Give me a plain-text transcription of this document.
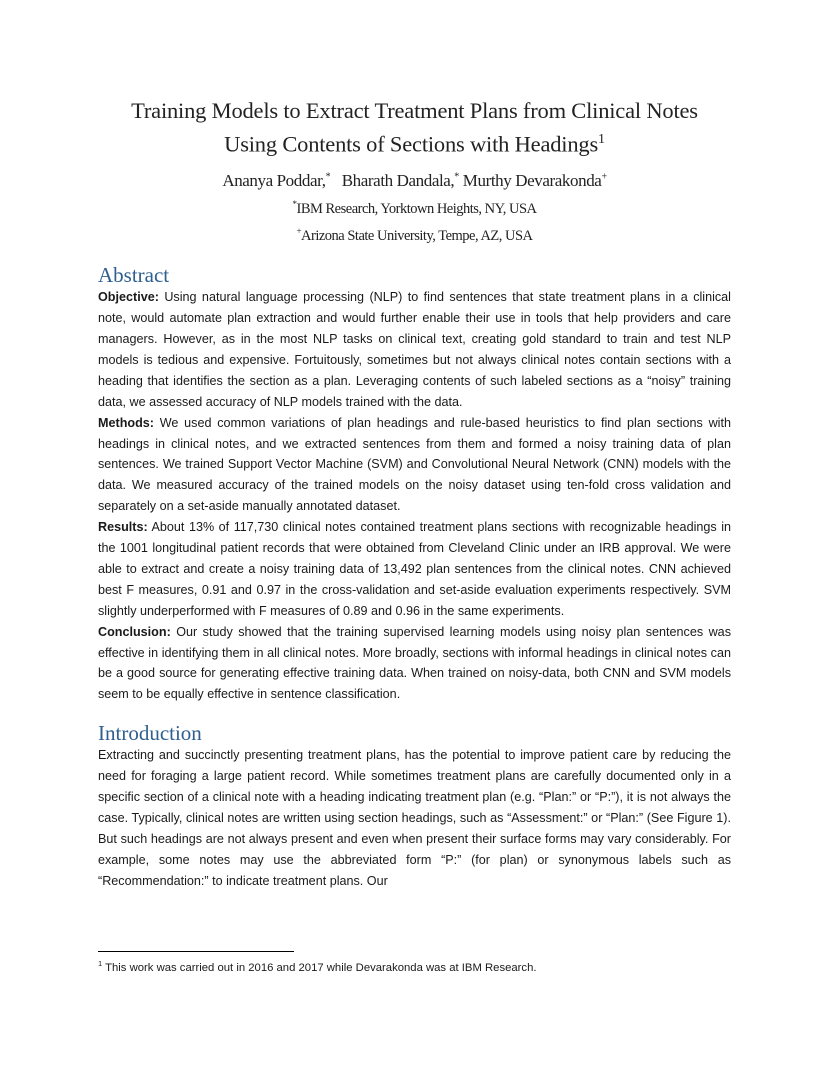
Training Models to Extract Treatment Plans from Clinical Notes
Using Contents of Sections with Headings$^1$
Ananya Poddar,* Bharath Dandala,* Murthy Devarakonda+
*IBM Research, Yorktown Heights, NY, USA
+Arizona State University, Tempe, AZ, USA
Abstract

Objective: Using natural language processing (NLP) to find sentences that state treatment plans in a clinical note, would automate plan extraction and would further enable their use in tools that help providers and care managers. However, as in the most NLP tasks on clinical text, creating gold standard to train and test NLP models is tedious and expensive. Fortuitously, sometimes but not always clinical notes contain sections with a heading that identifies the section as a plan. Leveraging contents of such labeled sections as a “noisy” training data, we assessed accuracy of NLP models trained with the data.

Methods: We used common variations of plan headings and rule-based heuristics to find plan sections with headings in clinical notes, and we extracted sentences from them and formed a noisy training data of plan sentences. We trained Support Vector Machine (SVM) and Convolutional Neural Network (CNN) models with the data. We measured accuracy of the trained models on the noisy dataset using ten-fold cross validation and separately on a set-aside manually annotated dataset.

Results: About 13% of 117,730 clinical notes contained treatment plans sections with recognizable headings in the 1001 longitudinal patient records that were obtained from Cleveland Clinic under an IRB approval. We were able to extract and create a noisy training data of 13,492 plan sentences from the clinical notes. CNN achieved best F measures, 0.91 and 0.97 in the cross-validation and set-aside evaluation experiments respectively. SVM slightly underperformed with F measures of 0.89 and 0.96 in the same experiments.

Conclusion: Our study showed that the training supervised learning models using noisy plan sentences was effective in identifying them in all clinical notes. More broadly, sections with informal headings in clinical notes can be a good source for generating effective training data. When trained on noisy-data, both CNN and SVM models seem to be equally effective in sentence classification.

Introduction

Extracting and succinctly presenting treatment plans, has the potential to improve patient care by reducing the need for foraging a large patient record. While sometimes treatment plans are carefully documented only in a specific section of a clinical note with a heading indicating treatment plan (e.g. “Plan:” or “P:”), it is not always the case. Typically, clinical notes are written using section headings, such as “Assessment:” or “Plan:” (See Figure 1). But such headings are not always present and even when present their surface forms may vary considerably. For example, some notes may use the abbreviated form “P:” (for plan) or synonymous labels such as “Recommendation:” to indicate treatment plans. Our

$^1$ This work was carried out in 2016 and 2017 while Devarakonda was at IBM Research.
